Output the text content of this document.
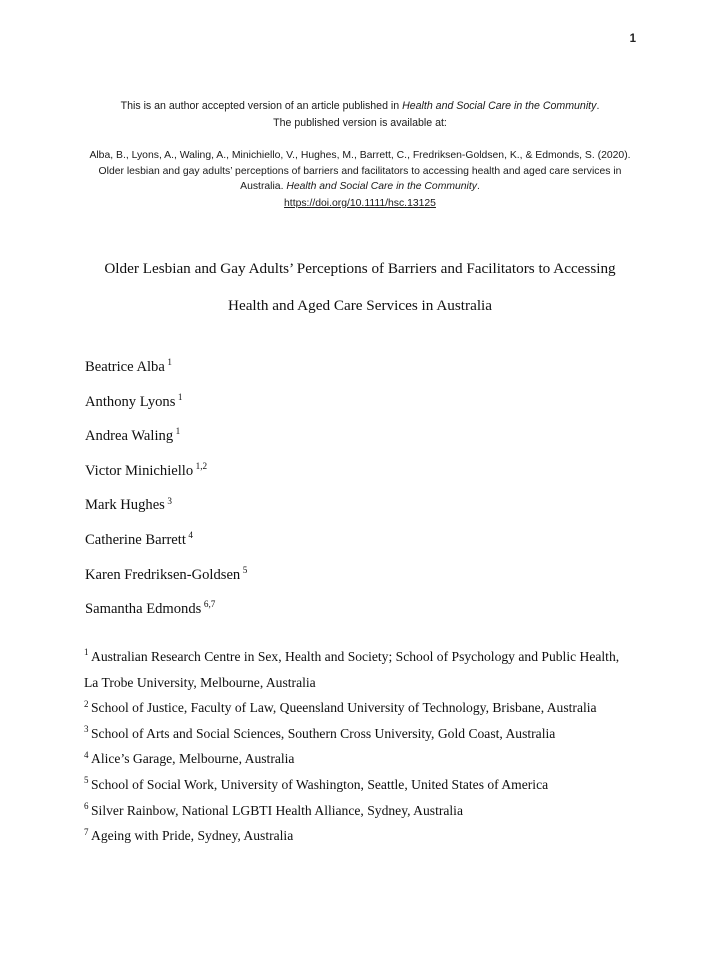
1
This is an author accepted version of an article published in Health and Social Care in the Community.
The published version is available at:
Alba, B., Lyons, A., Waling, A., Minichiello, V., Hughes, M., Barrett, C., Fredriksen-Goldsen, K., & Edmonds, S. (2020). Older lesbian and gay adults’ perceptions of barriers and facilitators to accessing health and aged care services in Australia. Health and Social Care in the Community.
https://doi.org/10.1111/hsc.13125
Older Lesbian and Gay Adults’ Perceptions of Barriers and Facilitators to Accessing Health and Aged Care Services in Australia
Beatrice Alba $^1$
Anthony Lyons $^1$
Andrea Waling $^1$
Victor Minichiello $^{1,2}$
Mark Hughes $^3$
Catherine Barrett $^4$
Karen Fredriksen-Goldsen $^5$
Samantha Edmonds $^{6,7}$
$^1$ Australian Research Centre in Sex, Health and Society; School of Psychology and Public Health, La Trobe University, Melbourne, Australia
$^2$ School of Justice, Faculty of Law, Queensland University of Technology, Brisbane, Australia
$^3$ School of Arts and Social Sciences, Southern Cross University, Gold Coast, Australia
$^4$ Alice’s Garage, Melbourne, Australia
$^5$ School of Social Work, University of Washington, Seattle, United States of America
$^6$ Silver Rainbow, National LGBTI Health Alliance, Sydney, Australia
$^7$ Ageing with Pride, Sydney, Australia
